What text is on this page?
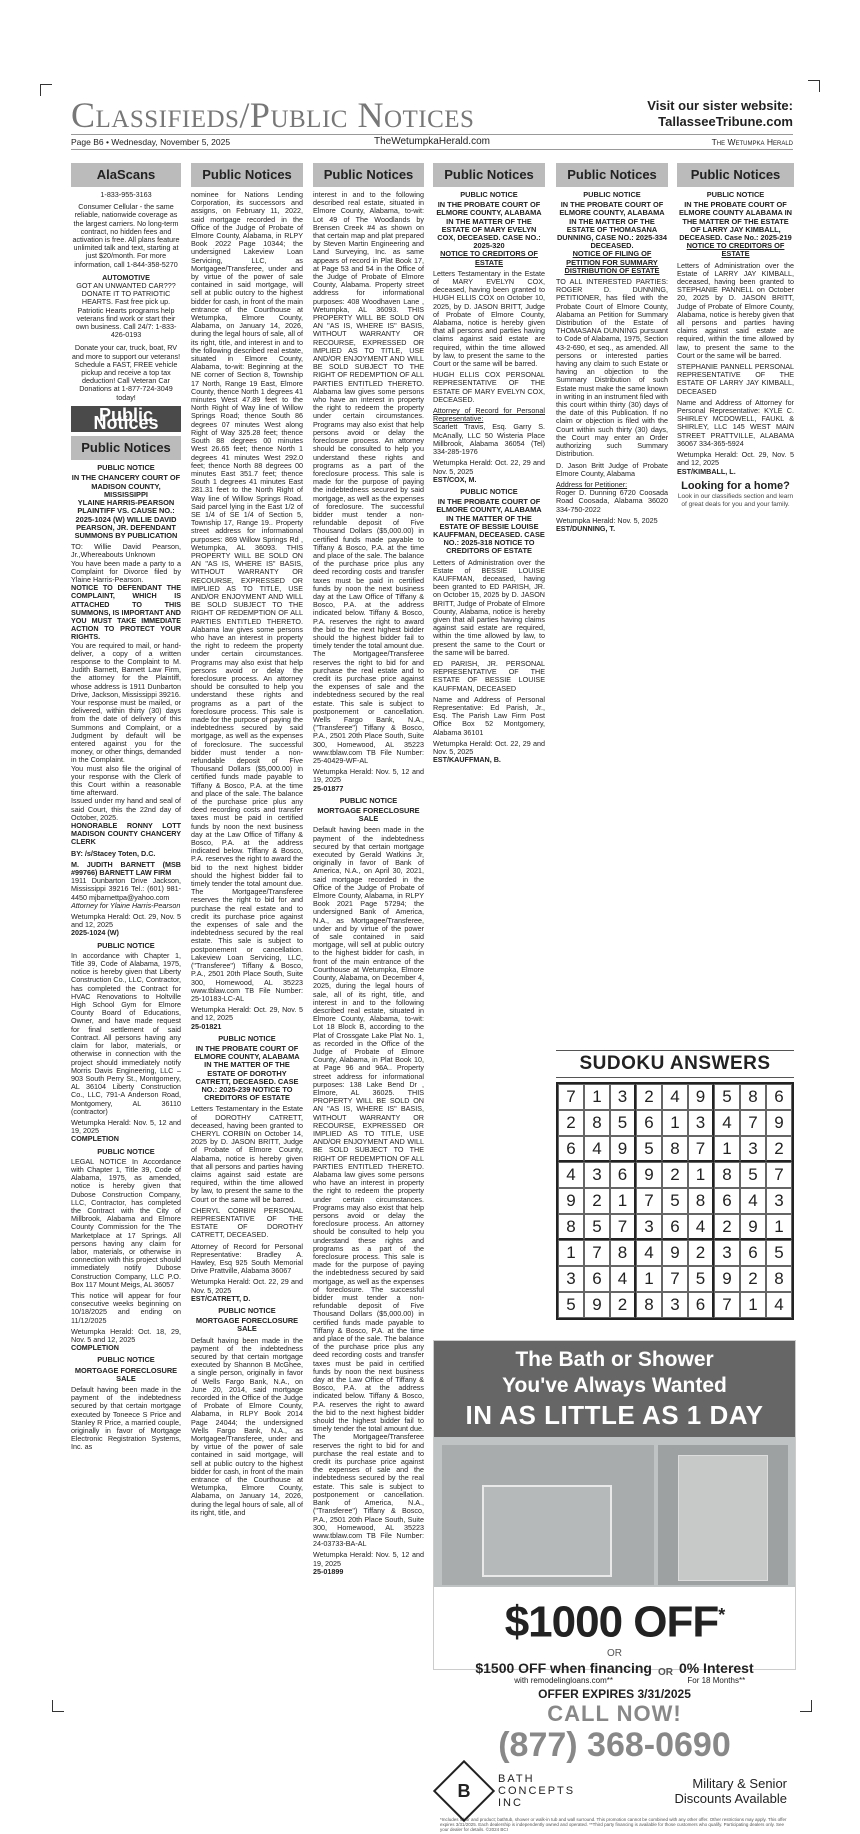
Classifieds/Public Notices	Visit our sister website:
TallasseeTribune.com
Page B6 • Wednesday, November 5, 2025	TheWetumpkaHerald.com	The Wetumpka Herald
AlaScans
1-833-955-3163

Consumer Cellular - the same reliable, nationwide coverage as the largest carriers. No long-term contract, no hidden fees and activation is free. All plans feature unlimited talk and text, starting at just $20/month. For more information, call 1-844-358-5270

AUTOMOTIVE

GOT AN UNWANTED CAR??? DONATE IT TO PATRIOTIC HEARTS. Fast free pick up. Patriotic Hearts programs help veterans find work or start their own business. Call 24/7: 1-833-426-0193

Donate your car, truck, boat, RV and more to support our veterans! Schedule a FAST, FREE vehicle pickup and receive a top tax deduction! Call Veteran Car Donations at 1-877-724-3049 today!

Public Notices
Public Notices
PUBLIC NOTICE

IN THE CHANCERY COURT OF MADISON COUNTY, MISSISSIPPI

YLAINE HARRIS-PEARSON PLAINTIFF VS. CAUSE NO.: 2025-1024 (W) WILLIE DAVID PEARSON, JR. DEFENDANT

SUMMONS BY PUBLICATION

TO: Willie David Pearson, Jr.,Whereabouts Unknown

You have been made a party to a Complaint for Divorce filed by Ylaine Harris-Pearson.

NOTICE TO DEFENDANT THE COMPLAINT, WHICH IS ATTACHED TO THIS SUMMONS, IS IMPORTANT AND YOU MUST TAKE IMMEDIATE ACTION TO PROTECT YOUR RIGHTS.

You are required to mail, or hand-deliver, a copy of a written response to the Complaint to M. Judith Barnett, Barnett Law Firm, the attorney for the Plaintiff, whose address is 1911 Dunbarton Drive, Jackson, Mississippi 39216.

Your response must be mailed, or delivered, within thirty (30) days from the date of delivery of this Summons and Complaint, or a Judgment by default will be entered against you for the money, or other things, demanded in the Complaint.

You must also file the original of your response with the Clerk of this Court within a reasonable time afterward.

Issued under my hand and seal of said Court, this the 22nd day of October, 2025.

HONORABLE RONNY LOTT MADISON COUNTY CHANCERY CLERK

BY: /s/Stacey Toten, D.C.

M. JUDITH BARNETT (MSB #99766) BARNETT LAW FIRM

1911 Dunbarton Drive Jackson, Mississippi 39216 Tel.: (601) 981-4450 mjbarnettpa@yahoo.com

Attorney for Ylaine Harris-Pearson

Wetumpka Herald: Oct. 29, Nov. 5 and 12, 2025

2025-1024 (W)

PUBLIC NOTICE

In accordance with Chapter 1, Title 39, Code of Alabama, 1975, notice is hereby given that Liberty Construction Co., LLC, Contractor, has completed the Contract for HVAC Renovations to Holtville High School Gym for Elmore County Board of Educations, Owner, and have made request for final settlement of said Contract. All persons having any claim for labor, materials, or otherwise in connection with the project should immediately notify Morris Davis Engineering, LLC – 903 South Perry St., Montgomery, AL 36104 Liberty Construction Co., LLC, 791-A Anderson Road, Montgomery, AL 36110 (contractor)

Wetumpka Herald: Nov. 5, 12 and 19, 2025

COMPLETION

PUBLIC NOTICE

LEGAL NOTICE In Accordance with Chapter 1, Title 39, Code of Alabama, 1975, as amended, notice is hereby given that Dubose Construction Company, LLC, Contractor, has completed the Contract with the City of Millbrook, Alabama and Elmore County Commission for the The Marketplace at 17 Springs. All persons having any claim for labor, materials, or otherwise in connection with this project should immediately notify Dubose Construction Company, LLC P.O. Box 117 Mount Meigs, AL 36057

This notice will appear for four consecutive weeks beginning on 10/18/2025 and ending on 11/12/2025

Wetumpka Herald: Oct. 18, 29, Nov. 5 and 12, 2025

COMPLETION

PUBLIC NOTICE

MORTGAGE FORECLOSURE SALE

Default having been made in the payment of the indebtedness secured by that certain mortgage executed by Toneece S Price and Stanley R Price, a married couple, originally in favor of Mortgage Electronic Registration Systems, Inc. as

Public Notices

nominee for Nations Lending Corporation, its successors and assigns, on February 11, 2022, said mortgage recorded in the Office of the Judge of Probate of Elmore County, Alabama, in RLPY Book 2022 Page 10344; the undersigned Lakeview Loan Servicing, LLC, as Mortgagee/Transferee, under and by virtue of the power of sale contained in said mortgage, will sell at public outcry to the highest bidder for cash, in front of the main entrance of the Courthouse at Wetumpka, Elmore County, Alabama, on January 14, 2026, during the legal hours of sale, all of its right, title, and interest in and to the following described real estate, situated in Elmore County, Alabama, to-wit: Beginning at the NE corner of Section 8, Township 17 North, Range 19 East, Elmore County, thence North 1 degrees 41 minutes West 47.89 feet to the North Right of Way line of Willow Springs Road; thence South 86 degrees 07 minutes West along Right of Way 325.28 feet; thence South 88 degrees 00 minutes West 26.65 feet; thence North 1 degrees 41 minutes West 292.0 feet; thence North 88 degrees 00 minutes East 351.7 feet; thence South 1 degrees 41 minutes East 281.31 feet to the North Right of Way line of Willow Springs Road. Said parcel lying in the East 1/2 of SE 1/4 of SE 1/4 of Section 5, Township 17, Range 19.. Property street address for informational purposes: 869 Willow Springs Rd , Wetumpka, AL 36093. THIS PROPERTY WILL BE SOLD ON AN "AS IS, WHERE IS" BASIS, WITHOUT WARRANTY OR RECOURSE, EXPRESSED OR IMPLIED AS TO TITLE, USE AND/OR ENJOYMENT AND WILL BE SOLD SUBJECT TO THE RIGHT OF REDEMPTION OF ALL PARTIES ENTITLED THERETO. Alabama law gives some persons who have an interest in property the right to redeem the property under certain circumstances. Programs may also exist that help persons avoid or delay the foreclosure process. An attorney should be consulted to help you understand these rights and programs as a part of the foreclosure process. This sale is made for the purpose of paying the indebtedness secured by said mortgage, as well as the expenses of foreclosure. The successful bidder must tender a non-refundable deposit of Five Thousand Dollars ($5,000.00) in certified funds made payable to Tiffany & Bosco, P.A. at the time and place of the sale. The balance of the purchase price plus any deed recording costs and transfer taxes must be paid in certified funds by noon the next business day at the Law Office of Tiffany & Bosco, P.A. at the address indicated below. Tiffany & Bosco, P.A. reserves the right to award the bid to the next highest bidder should the highest bidder fail to timely tender the total amount due. The Mortgagee/Transferee reserves the right to bid for and purchase the real estate and to credit its purchase price against the expenses of sale and the indebtedness secured by the real estate. This sale is subject to postponement or cancellation. Lakeview Loan Servicing, LLC, ("Transferee") Tiffany & Bosco, P.A., 2501 20th Place South, Suite 300, Homewood, AL 35223 www.tblaw.com TB File Number: 25-10183-LC-AL

Wetumpka Herald: Oct. 29, Nov. 5 and 12, 2025

25-01821

PUBLIC NOTICE

IN THE PROBATE COURT OF ELMORE COUNTY, ALABAMA IN THE MATTER OF THE ESTATE OF DOROTHY CATRETT, DECEASED. CASE NO.: 2025-239 NOTICE TO CREDITORS OF ESTATE

Letters Testamentary in the Estate of DOROTHY CATRETT, deceased, having been granted to CHERYL CORBIN on October 14, 2025 by D. JASON BRITT, Judge of Probate of Elmore County, Alabama, notice is hereby given that all persons and parties having claims against said estate are required, within the time allowed by law, to present the same to the Court or the same will be barred.

CHERYL CORBIN PERSONAL REPRESENTATIVE OF THE ESTATE OF DOROTHY CATRETT, DECEASED.

Attorney of Record for Personal Representative: Bradley A. Hawley, Esq 925 South Memorial Drive Prattville, Alabama 36067

Wetumpka Herald: Oct. 22, 29 and Nov. 5, 2025

EST/CATRETT, D.

PUBLIC NOTICE

MORTGAGE FORECLOSURE SALE

Default having been made in the payment of the indebtedness secured by that certain mortgage executed by Shannon B McGhee, a single person, originally in favor of Wells Fargo Bank, N.A., on June 20, 2014, said mortgage recorded in the Office of the Judge of Probate of Elmore County, Alabama, in RLPY Book 2014 Page 24044; the undersigned Wells Fargo Bank, N.A., as Mortgagee/Transferee, under and by virtue of the power of sale contained in said mortgage, will sell at public outcry to the highest bidder for cash, in front of the main entrance of the Courthouse at Wetumpka, Elmore County, Alabama, on January 14, 2026, during the legal hours of sale, all of its right, title, and

Public Notices

interest in and to the following described real estate, situated in Elmore County, Alabama, to-wit: Lot 49 of The Woodlands by Brensen Creek #4 as shown on that certain map and plat prepared by Steven Martin Engineering and Land Surveying, Inc. as same appears of record in Plat Book 17, at Page 53 and 54 in the Office of the Judge of Probate of Elmore County, Alabama. Property street address for informational purposes: 408 Woodhaven Lane , Wetumpka, AL 36093. THIS PROPERTY WILL BE SOLD ON AN "AS IS, WHERE IS" BASIS, WITHOUT WARRANTY OR RECOURSE, EXPRESSED OR IMPLIED AS TO TITLE, USE AND/OR ENJOYMENT AND WILL BE SOLD SUBJECT TO THE RIGHT OF REDEMPTION OF ALL PARTIES ENTITLED THERETO. Alabama law gives some persons who have an interest in property the right to redeem the property under certain circumstances. Programs may also exist that help persons avoid or delay the foreclosure process. An attorney should be consulted to help you understand these rights and programs as a part of the foreclosure process. This sale is made for the purpose of paying the indebtedness secured by said mortgage, as well as the expenses of foreclosure. The successful bidder must tender a non-refundable deposit of Five Thousand Dollars ($5,000.00) in certified funds made payable to Tiffany & Bosco, P.A. at the time and place of the sale. The balance of the purchase price plus any deed recording costs and transfer taxes must be paid in certified funds by noon the next business day at the Law Office of Tiffany & Bosco, P.A. at the address indicated below. Tiffany & Bosco, P.A. reserves the right to award the bid to the next highest bidder should the highest bidder fail to timely tender the total amount due. The Mortgagee/Transferee reserves the right to bid for and purchase the real estate and to credit its purchase price against the expenses of sale and the indebtedness secured by the real estate. This sale is subject to postponement or cancellation. Wells Fargo Bank, N.A., ("Transferee") Tiffany & Bosco, P.A., 2501 20th Place South, Suite 300, Homewood, AL 35223 www.tblaw.com TB File Number: 25-40429-WF-AL

Wetumpka Herald: Nov. 5, 12 and 19, 2025

25-01877

PUBLIC NOTICE

MORTGAGE FORECLOSURE SALE

Default having been made in the payment of the indebtedness secured by that certain mortgage executed by Gerald Watkins Jr, originally in favor of Bank of America, N.A., on April 30, 2021, said mortgage recorded in the Office of the Judge of Probate of Elmore County, Alabama, in RLPY Book 2021 Page 57294; the undersigned Bank of America, N.A., as Mortgagee/Transferee, under and by virtue of the power of sale contained in said mortgage, will sell at public outcry to the highest bidder for cash, in front of the main entrance of the Courthouse at Wetumpka, Elmore County, Alabama, on December 4, 2025, during the legal hours of sale, all of its right, title, and interest in and to the following described real estate, situated in Elmore County, Alabama, to-wit: Lot 18 Block B, according to the Plat of Crossgate Lake Plat No. 1, as recorded in the Office of the Judge of Probate of Elmore County, Alabama, in Plat Book 10, at Page 96 and 96A.. Property street address for informational purposes: 138 Lake Bend Dr , Elmore, AL 36025. THIS PROPERTY WILL BE SOLD ON AN "AS IS, WHERE IS" BASIS, WITHOUT WARRANTY OR RECOURSE, EXPRESSED OR IMPLIED AS TO TITLE, USE AND/OR ENJOYMENT AND WILL BE SOLD SUBJECT TO THE RIGHT OF REDEMPTION OF ALL PARTIES ENTITLED THERETO. Alabama law gives some persons who have an interest in property the right to redeem the property under certain circumstances. Programs may also exist that help persons avoid or delay the foreclosure process. An attorney should be consulted to help you understand these rights and programs as a part of the foreclosure process. This sale is made for the purpose of paying the indebtedness secured by said mortgage, as well as the expenses of foreclosure. The successful bidder must tender a non-refundable deposit of Five Thousand Dollars ($5,000.00) in certified funds made payable to Tiffany & Bosco, P.A. at the time and place of the sale. The balance of the purchase price plus any deed recording costs and transfer taxes must be paid in certified funds by noon the next business day at the Law Office of Tiffany & Bosco, P.A. at the address indicated below. Tiffany & Bosco, P.A. reserves the right to award the bid to the next highest bidder should the highest bidder fail to timely tender the total amount due. The Mortgagee/Transferee reserves the right to bid for and purchase the real estate and to credit its purchase price against the expenses of sale and the indebtedness secured by the real estate. This sale is subject to postponement or cancellation. Bank of America, N.A., ("Transferee") Tiffany & Bosco, P.A., 2501 20th Place South, Suite 300, Homewood, AL 35223 www.tblaw.com TB File Number: 24-03733-BA-AL

Wetumpka Herald: Nov. 5, 12 and 19, 2025

25-01899

Public Notices
PUBLIC NOTICE

IN THE PROBATE COURT OF ELMORE COUNTY, ALABAMA IN THE MATTER OF THE ESTATE OF MARY EVELYN COX, DECEASED. CASE NO.: 2025-320

NOTICE TO CREDITORS OF ESTATE

Letters Testamentary in the Estate of MARY EVELYN COX, deceased, having been granted to HUGH ELLIS COX on October 10, 2025, by D. JASON BRITT, Judge of Probate of Elmore County, Alabama, notice is hereby given that all persons and parties having claims against said estate are required, within the time allowed by law, to present the same to the Court or the same will be barred.

HUGH ELLIS COX PERSONAL REPRESENTATIVE OF THE ESTATE OF MARY EVELYN COX, DECEASED.

Attorney of Record for Personal Representative:

Scarlett Travis, Esq. Garry S. McAnally, LLC 50 Wisteria Place Millbrook, Alabama 36054 (Tel) 334-285-1976

Wetumpka Herald: Oct. 22, 29 and Nov. 5, 2025

EST/COX, M.

PUBLIC NOTICE

IN THE PROBATE COURT OF ELMORE COUNTY, ALABAMA IN THE MATTER OF THE ESTATE OF BESSIE LOUISE KAUFFMAN, DECEASED. CASE NO.: 2025-318 NOTICE TO CREDITORS OF ESTATE

Letters of Administration over the Estate of BESSIE LOUISE KAUFFMAN, deceased, having been granted to ED PARISH, JR. on October 15, 2025 by D. JASON BRITT, Judge of Probate of Elmore County, Alabama, notice is hereby given that all parties having claims against said estate are required, within the time allowed by law, to present the same to the Court or the same will be barred.

ED PARISH, JR. PERSONAL REPRESENTATIVE OF THE ESTATE OF BESSIE LOUISE KAUFFMAN, DECEASED

Name and Address of Personal Representative: Ed Parish, Jr., Esq. The Parish Law Firm Post Office Box 52 Montgomery, Alabama 36101

Wetumpka Herald: Oct. 22, 29 and Nov. 5, 2025

EST/KAUFFMAN, B.

Public Notices
PUBLIC NOTICE

IN THE PROBATE COURT OF ELMORE COUNTY, ALABAMA IN THE MATTER OF THE ESTATE OF THOMASANA DUNNING, CASE NO.: 2025-334 DECEASED.

NOTICE OF FILING OF PETITION FOR SUMMARY DISTRIBUTION OF ESTATE

TO ALL INTERESTED PARTIES: ROGER D. DUNNING, PETITIONER, has filed with the Probate Court of Elmore County, Alabama an Petition for Summary Distribution of the Estate of THOMASANA DUNNING pursuant to Code of Alabama, 1975, Section 43-2-690, et seq., as amended. All persons or interested parties having any claim to such Estate or having an objection to the Summary Distribution of such Estate must make the same known in writing in an instrument filed with this court within thirty (30) days of the date of this Publication. If no claim or objection is filed with the Court within such thirty (30) days, the Court may enter an Order authorizing such Summary Distribution.

D. Jason Britt Judge of Probate Elmore County, Alabama

Address for Petitioner:

Roger D. Dunning 6720 Coosada Road Coosada, Alabama 36020 334-750-2022

Wetumpka Herald: Nov. 5, 2025

EST/DUNNING, T.

Public Notices
PUBLIC NOTICE

IN THE PROBATE COURT OF ELMORE COUNTY ALABAMA IN THE MATTER OF THE ESTATE OF LARRY JAY KIMBALL, DECEASED. Case No.: 2025-219

NOTICE TO CREDITORS OF ESTATE

Letters of Administration over the Estate of LARRY JAY KIMBALL, deceased, having been granted to STEPHANIE PANNELL on October 20, 2025 by D. JASON BRITT, Judge of Probate of Elmore County, Alabama, notice is hereby given that all persons and parties having claims against said estate are required, within the time allowed by law, to present the same to the Court or the same will be barred.

STEPHANIE PANNELL PERSONAL REPRESENTATIVE OF THE ESTATE OF LARRY JAY KIMBALL, DECEASED

Name and Address of Attorney for Personal Representative: KYLE C. SHIRLEY MCDOWELL, FAUKL & SHIRLEY, LLC 145 WEST MAIN STREET PRATTVILLE, ALABAMA 36067 334-365-5924

Wetumpka Herald: Oct. 29, Nov. 5 and 12, 2025

EST/KIMBALL, L.

Looking for a home?
Look in our classifieds section and learn of great deals for you and your family.
SUDOKU ANSWERS
7 1 3	2 4 9	5 8 6
2 8 5	6 1 3	4 7 9
6 4 9	5 8 7	1 3 2
4 3 6	9 2 1	8 5 7
9 2 1	7 5 8	6 4 3
8 5 7	3 6 4	2 9 1
1 7 8	4 9 2	3 6 5
3 6 4	1 7 5	9 2 8
5 9 2	8 3 6	7 1 4
The Bath or Shower
You've Always Wanted
IN AS LITTLE AS 1 DAY
$1000 OFF*
OR
$1500 OFF when financing
with remodelingloans.com**
OR 0% Interest
For 18 Months**
OFFER EXPIRES 3/31/2025
CALL NOW!
(877) 368-0690
B
BATH CONCEPTS INC
Military & Senior Discounts Available
*Includes labor and product; bathtub, shower or walk-in tub and wall surround. This promotion cannot be combined with any other offer. Other restrictions may apply. This offer expires 3/31/2025. Each dealership is independently owned and operated. **Third party financing is available for those customers who qualify. Participating dealers only. See your dealer for details. ©2024 BCI
